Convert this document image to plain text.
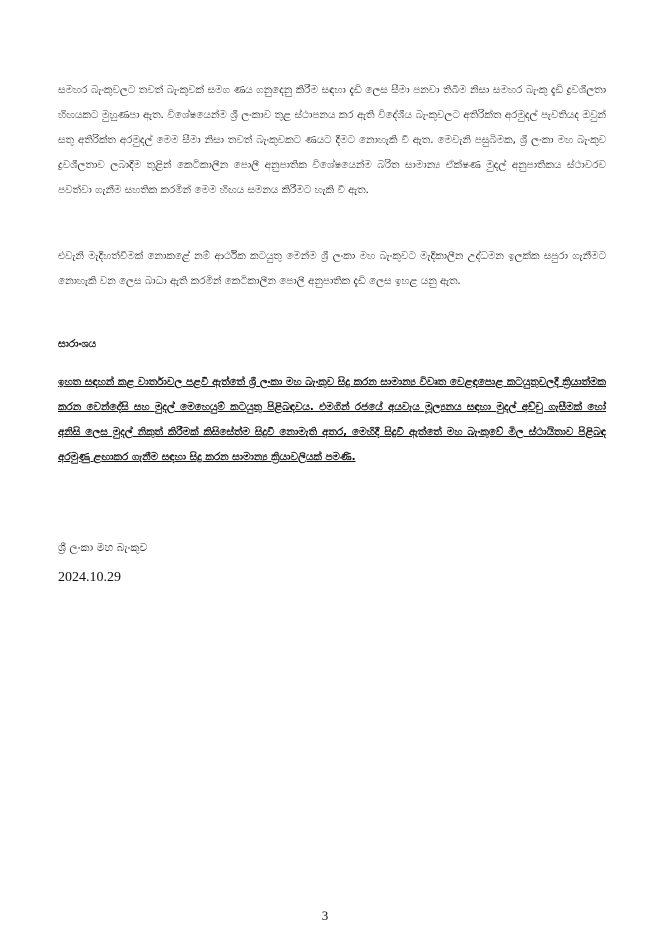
සමහර බැංකුවලට තවත් බැංකුවක් සමග ණය ගනුදෙනු කිරීම සඳහා දැඩි ලෙස සීමා පනවා තිබීම නිසා සමහර බැංකු දැඩි ද්‍රවශීලතා හිඟයකට මුහුණපා ඇත. විශේෂයෙන්ම ශ්‍රී ලංකාව තුළ ස්ථාපනය කර ඇති විදේශීය බැංකුවලට අතිරික්ත අරමුදල් පැවතියද ඔවුන් සතු අතිරික්ත අරමුදල් මෙම සීමා නිසා තවත් බැංකුවකට ණයට දීමට නොහැකි වී ඇත. මෙවැනි පසුබිමක, ශ්‍රී ලංකා මහ බැංකුව ද්‍රවශීලතාව ලබාදීම තුළින් කෙටිකාලීන පොලී අනුපාතික විශේෂයෙන්ම බරිත සාමාන්‍ය ඒක්ෂණ මුදල් අනුපාතිකය ස්ථාවරව පවත්වා ගැනීම සහතික කරමින් මෙම හිඟය සමනය කිරීමට හැකි වී ඇත.

එවැනි මැදිහත්වීමක් නොකළේ නම් ආර්ථික කටයුතු මෙන්ම ශ්‍රී ලංකා මහ බැංකුවට මැදිකාලීන උද්ධමන ඉලක්ක සපුරා ගැනීමට නොහැකි වන ලෙස බාධා ඇති කරමින් කෙටිකාලීන පොලී අනුපාතික දැඩි ලෙස ඉහළ යනු ඇත.

සාරාංශය

ඉහත සඳහන් කළ වාර්තාවල පළවී ඇත්තේ ශ්‍රී ලංකා මහ බැංකුව සිදු කරන සාමාන්‍ය විවෘත වෙළඳපොළ කටයුතුවලදී ක්‍රියාත්මක කරන වෙන්දේසි සහ මුදල් මෙහෙයුම් කටයුතු පිළිබඳවය. එමගින් රජයේ අයවැය මූල්‍යනය සඳහා මුදල් අච්චු ගැසීමක් හෝ අනිසි ලෙස මුදල් නිකුත් කිරීමක් කිසිසේත්ම සිදුවී නොමැති අතර, මෙහිදී සිදුවී ඇත්තේ මහ බැංකුවේ මිල ස්ථායිතාව පිළිබඳ අරමුණු ළඟාකර ගැනීම සඳහා සිදු කරන සාමාන්‍ය ක්‍රියාවලියක් පමණි.

ශ්‍රී ලංකා මහ බැංකුව

2024.10.29

3
